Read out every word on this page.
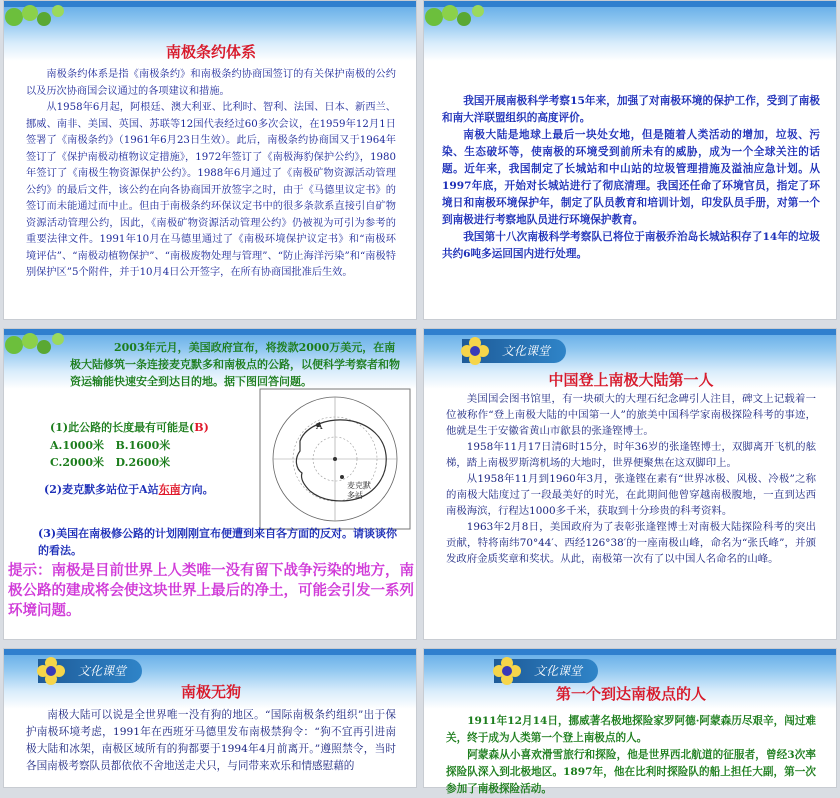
南极条约体系

南极条约体系是指《南极条约》和南极条约协商国签订的有关保护南极的公约以及历次协商国会议通过的各项建议和措施。

从1958年6月起，阿根廷、澳大利亚、比利时、智利、法国、日本、新西兰、挪威、南非、美国、英国、苏联等12国代表经过60多次会议，在1959年12月1日签署了《南极条约》（1961年6月23日生效）。此后，南极条约协商国又于1964年签订了《保护南极动植物议定措施》，1972年签订了《南极海豹保护公约》，1980年签订了《南极生物资源保护公约》。1988年6月通过了《南极矿物资源活动管理公约》的最后文件，该公约在向各协商国开放签字之时，由于《马德里议定书》的签订而未能通过而中止。但由于南极条约环保议定书中的很多条款系直接引自矿物资源活动管理公约，因此，《南极矿物资源活动管理公约》仍被视为可引为参考的重要法律文件。1991年10月在马德里通过了《南极环境保护议定书》和“南极环境评估”、“南极动植物保护”、“南极废物处理与管理”、“防止海洋污染”和“南极特别保护区”5个附件，并于10月4日公开签字，在所有协商国批准后生效。

我国开展南极科学考察15年来，加强了对南极环境的保护工作，受到了南极和南大洋联盟组织的高度评价。

南极大陆是地球上最后一块处女地，但是随着人类活动的增加，垃圾、污染、生态破坏等，使南极的环境受到前所未有的威胁，成为一个全球关注的话题。近年来，我国制定了长城站和中山站的垃圾管理措施及溢油应急计划。从1997年底，开始对长城站进行了彻底清理。我国还任命了环境官员，指定了环境日和南极环境保护年，制定了队员教育和培训计划，印发队员手册，对第一个到南极进行考察地队员进行环境保护教育。

我国第十八次南极科学考察队已将位于南极乔治岛长城站积存了14年的垃圾共约6吨多运回国内进行处理。

2003年元月，美国政府宣布，将拨款2000万美元，在南极大陆修筑一条连接麦克默多和南极点的公路，以便科学考察者和物资运输能快速安全到达目的地。据下图回答问题。
(1)此公路的长度最有可能是(B)
A.1000米 B.1600米
C.2000米 D.2600米
(2)麦克默多站位于A站东南方向。
A
麦克默多站
(3)美国在南极修公路的计划刚刚宣布便遭到来自各方面的反对。请谈谈你的看法。
提示：南极是目前世界上人类唯一没有留下战争污染的地方，南极公路的建成将会使这块世界上最后的净土，可能会引发一系列环境问题。
文化课堂
中国登上南极大陆第一人

美国国会图书馆里，有一块硕大的大理石纪念碑引人注目，碑文上记载着一位被称作“登上南极大陆的中国第一人”的旅美中国科学家南极探险科考的事迹，他就是生于安徽省黄山市歙县的张逢铿博士。

1958年11月17日清6时15分，时年36岁的张逢铿博士，双脚离开飞机的舷梯，踏上南极罗斯湾机场的大地时，世界便聚焦在这双脚印上。

从1958年11月到1960年3月，张逢铿在素有“世界冰极、风极、冷极”之称的南极大陆度过了一段最美好的时光，在此期间他曾穿越南极腹地，一直到达西南极海滨，行程达1000多千米，获取到十分珍贵的科考资料。

1963年2月8日，美国政府为了表彰张逢铿博士对南极大陆探险科考的突出贡献，特将南纬70°44′、西经126°38′的一座南极山峰，命名为“张氏峰”，并颁发政府金质奖章和奖状。从此，南极第一次有了以中国人名命名的山峰。

文化课堂
南极无狗

南极大陆可以说是全世界唯一没有狗的地区。“国际南极条约组织”出于保护南极环境考虑，1991年在西班牙马德里发布南极禁狗令：“狗不宜再引进南极大陆和冰架，南极区域所有的狗都要于1994年4月前离开。”遵照禁令，当时各国南极考察队员都依依不舍地送走犬只，与同带来欢乐和情感慰藉的

文化课堂
第一个到达南极点的人

1911年12月14日，挪威著名极地探险家罗阿德·阿蒙森历尽艰辛，闯过难关，终于成为人类第一个登上南极点的人。

阿蒙森从小喜欢滑雪旅行和探险，他是世界西北航道的征服者，曾经3次率探险队深入到北极地区。1897年，他在比利时探险队的船上担任大副，第一次参加了南极探险活动。
